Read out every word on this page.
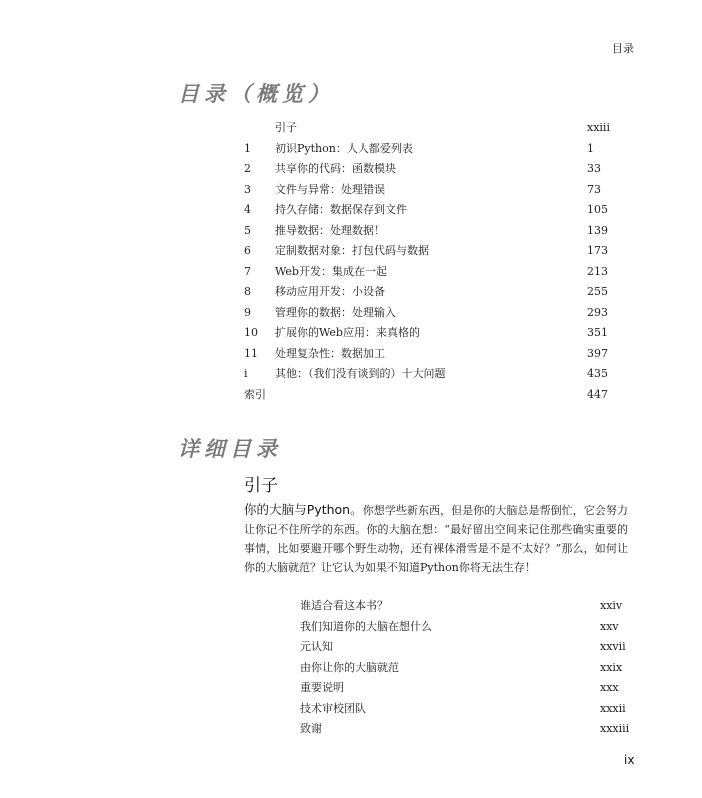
目录
目录（概览）
引子	xxiii
1 初识Python：人人都爱列表	1
2 共享你的代码：函数模块	33
3 文件与异常：处理错误	73
4 持久存储：数据保存到文件	105
5 推导数据：处理数据！	139
6 定制数据对象：打包代码与数据	173
7 Web开发：集成在一起	213
8 移动应用开发：小设备	255
9 管理你的数据：处理输入	293
10 扩展你的Web应用：来真格的	351
11 处理复杂性：数据加工	397
i 其他：（我们没有谈到的）十大问题	435
索引	447
详细目录
引子
你的大脑与Python。你想学些新东西，但是你的大脑总是帮倒忙，它会努力让你记不住所学的东西。你的大脑在想：“最好留出空间来记住那些确实重要的事情，比如要避开哪个野生动物，还有裸体滑雪是不是不太好？”那么，如何让你的大脑就范？让它认为如果不知道Python你将无法生存！
谁适合看这本书？	xxiv
我们知道你的大脑在想什么	xxv
元认知	xxvii
由你让你的大脑就范	xxix
重要说明	xxx
技术审校团队	xxxii
致谢	xxxiii
ix
